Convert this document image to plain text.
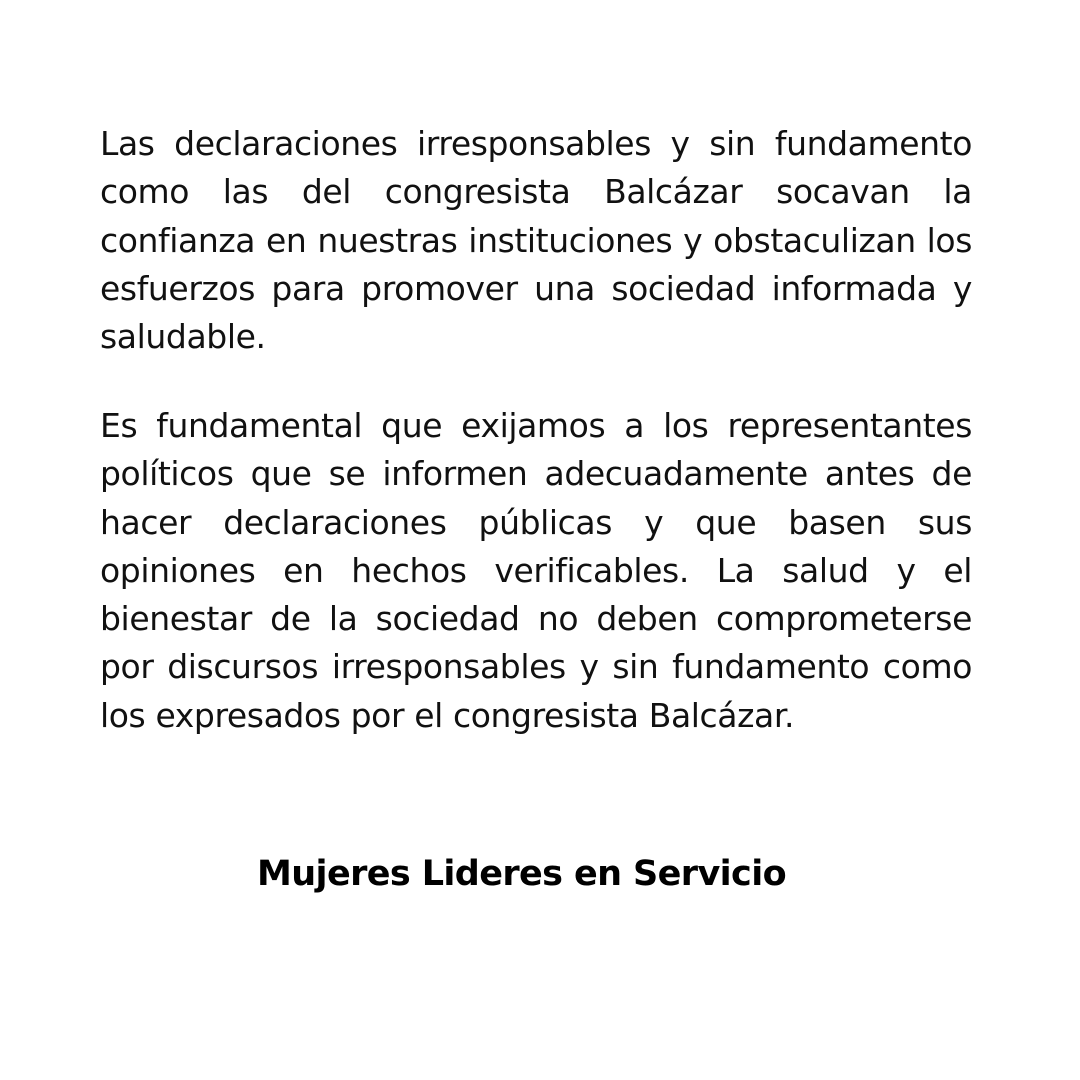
Las declaraciones irresponsables y sin fundamento como las del congresista Balcázar socavan la confianza en nuestras instituciones y obstaculizan los esfuerzos para promover una sociedad informada y saludable.

Es fundamental que exijamos a los representantes políticos que se informen adecuadamente antes de hacer declaraciones públicas y que basen sus opiniones en hechos verificables. La salud y el bienestar de la sociedad no deben comprometerse por discursos irresponsables y sin fundamento como los expresados por el congresista Balcázar.

Mujeres Lideres en Servicio
